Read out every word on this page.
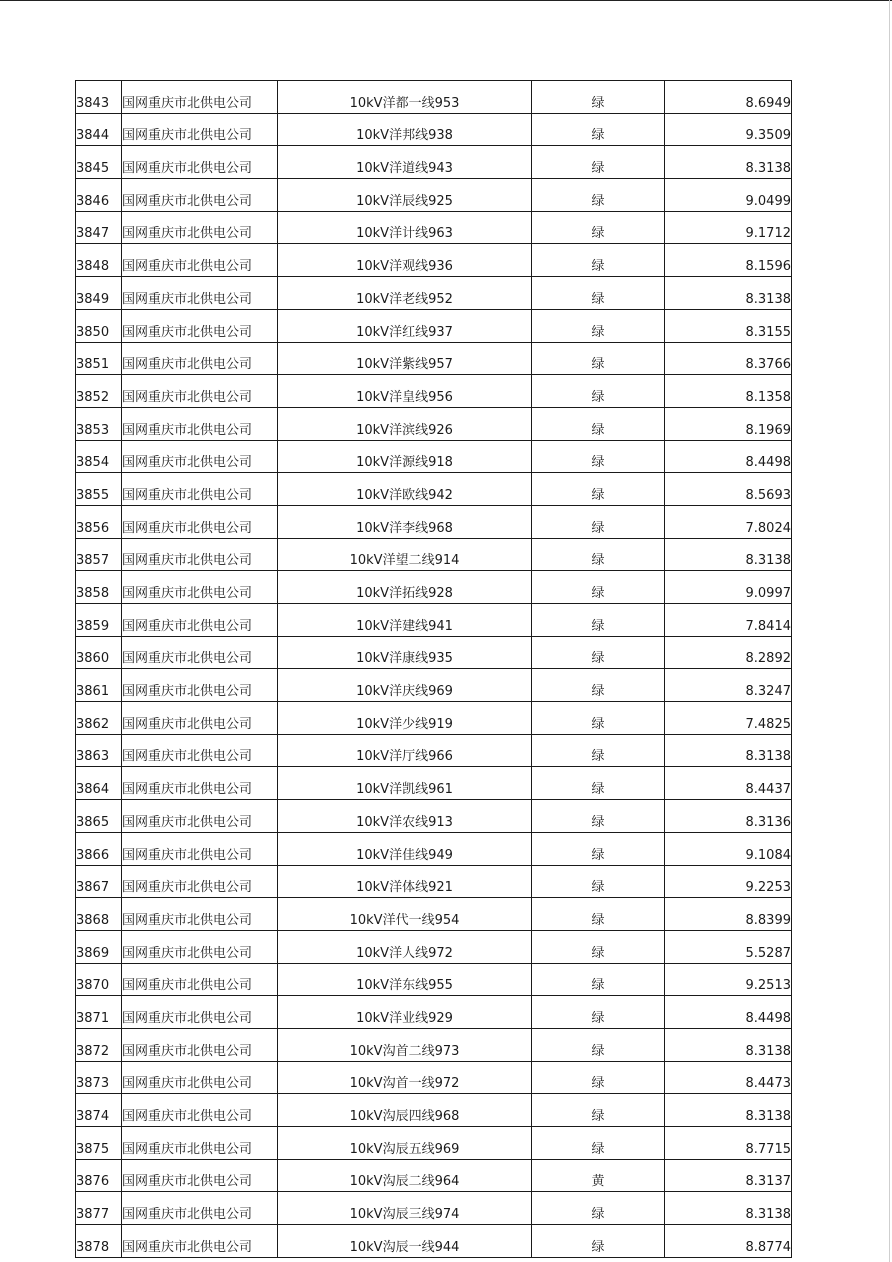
3843	国网重庆市北供电公司	10kV洋都一线953	绿	8.6949
3844	国网重庆市北供电公司	10kV洋邦线938	绿	9.3509
3845	国网重庆市北供电公司	10kV洋道线943	绿	8.3138
3846	国网重庆市北供电公司	10kV洋辰线925	绿	9.0499
3847	国网重庆市北供电公司	10kV洋计线963	绿	9.1712
3848	国网重庆市北供电公司	10kV洋观线936	绿	8.1596
3849	国网重庆市北供电公司	10kV洋老线952	绿	8.3138
3850	国网重庆市北供电公司	10kV洋红线937	绿	8.3155
3851	国网重庆市北供电公司	10kV洋紫线957	绿	8.3766
3852	国网重庆市北供电公司	10kV洋皇线956	绿	8.1358
3853	国网重庆市北供电公司	10kV洋滨线926	绿	8.1969
3854	国网重庆市北供电公司	10kV洋源线918	绿	8.4498
3855	国网重庆市北供电公司	10kV洋欧线942	绿	8.5693
3856	国网重庆市北供电公司	10kV洋李线968	绿	7.8024
3857	国网重庆市北供电公司	10kV洋望二线914	绿	8.3138
3858	国网重庆市北供电公司	10kV洋拓线928	绿	9.0997
3859	国网重庆市北供电公司	10kV洋建线941	绿	7.8414
3860	国网重庆市北供电公司	10kV洋康线935	绿	8.2892
3861	国网重庆市北供电公司	10kV洋庆线969	绿	8.3247
3862	国网重庆市北供电公司	10kV洋少线919	绿	7.4825
3863	国网重庆市北供电公司	10kV洋厅线966	绿	8.3138
3864	国网重庆市北供电公司	10kV洋凯线961	绿	8.4437
3865	国网重庆市北供电公司	10kV洋农线913	绿	8.3136
3866	国网重庆市北供电公司	10kV洋佳线949	绿	9.1084
3867	国网重庆市北供电公司	10kV洋体线921	绿	9.2253
3868	国网重庆市北供电公司	10kV洋代一线954	绿	8.8399
3869	国网重庆市北供电公司	10kV洋人线972	绿	5.5287
3870	国网重庆市北供电公司	10kV洋东线955	绿	9.2513
3871	国网重庆市北供电公司	10kV洋业线929	绿	8.4498
3872	国网重庆市北供电公司	10kV沟首二线973	绿	8.3138
3873	国网重庆市北供电公司	10kV沟首一线972	绿	8.4473
3874	国网重庆市北供电公司	10kV沟辰四线968	绿	8.3138
3875	国网重庆市北供电公司	10kV沟辰五线969	绿	8.7715
3876	国网重庆市北供电公司	10kV沟辰二线964	黄	8.3137
3877	国网重庆市北供电公司	10kV沟辰三线974	绿	8.3138
3878	国网重庆市北供电公司	10kV沟辰一线944	绿	8.8774
